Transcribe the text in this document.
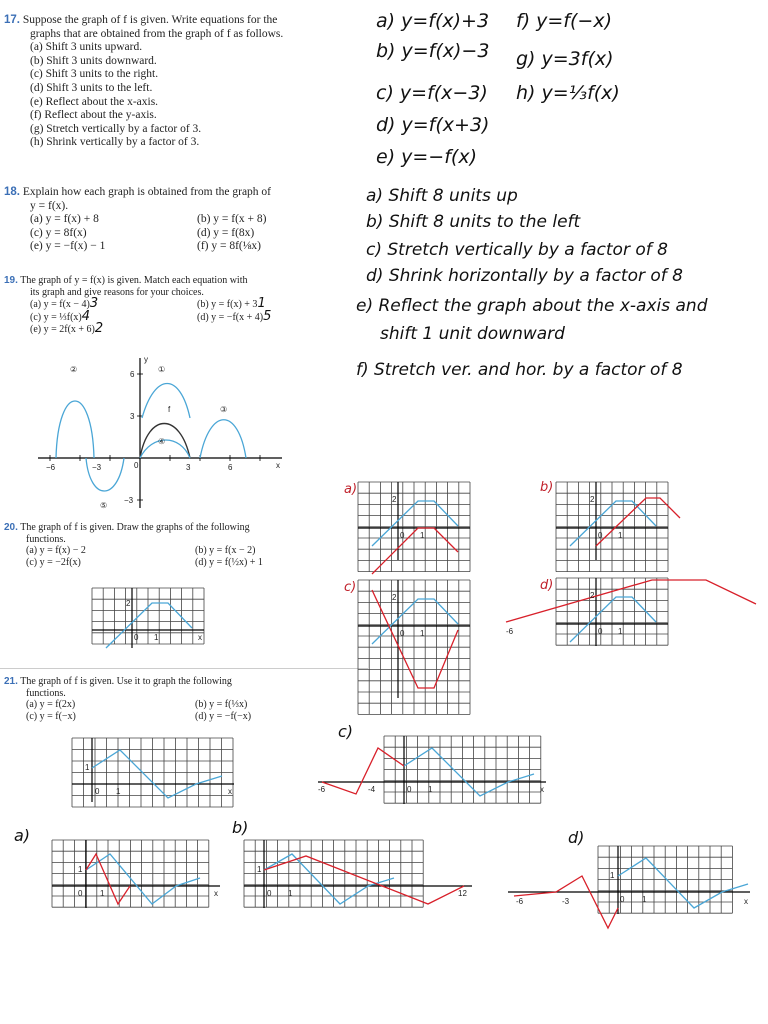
17. Suppose the graph of f is given. Write equations for the
graphs that are obtained from the graph of f as follows.
(a) Shift 3 units upward.
(b) Shift 3 units downward.
(c) Shift 3 units to the right.
(d) Shift 3 units to the left.
(e) Reflect about the x-axis.
(f) Reflect about the y-axis.
(g) Stretch vertically by a factor of 3.
(h) Shrink vertically by a factor of 3.
18. Explain how each graph is obtained from the graph of
y = f(x).
(a) y = f(x) + 8	(b) y = f(x + 8)
(c) y = 8f(x)	(d) y = f(8x)
(e) y = −f(x) − 1	(f) y = 8f(⅛x)
19. The graph of y = f(x) is given. Match each equation with
its graph and give reasons for your choices.
(a) y = f(x − 4)3	(b) y = f(x) + 31
(c) y = ⅓f(x)4	(d) y = −f(x + 4)5
(e) y = 2f(x + 6)2
−6	−3	0	3	6	x
6
3
−3
y
f
①
②
③
④
⑤
20. The graph of f is given. Draw the graphs of the following
functions.
(a) y = f(x) − 2	(b) y = f(x − 2)
(c) y = −2f(x)	(d) y = f(½x) + 1
0 1
2
x
21. The graph of f is given. Use it to graph the following
functions.
(a) y = f(2x)	(b) y = f(⅓x)
(c) y = f(−x)	(d) y = −f(−x)
0 1
1
x
a) y=f(x)+3
b) y=f(x)−3
c) y=f(x−3)
d) y=f(x+3)
e) y=−f(x)
f) y=f(−x)
g) y=3f(x)
h) y=⅓f(x)
a) Shift 8 units up
b) Shift 8 units to the left
c) Stretch vertically by a factor of 8
d) Shrink horizontally by a factor of 8
e) Reflect the graph about the x-axis and
shift 1 unit downward
f) Stretch ver. and hor. by a factor of 8
a)
0 1
2
b)
0 1
2
c)
0 1
2
d)
0 1
2
-6
c)
0 1
-6	-4	x
a)
0 1
1
x
b)
0 1
1
12
d)
0 1
1
-6	-3	x
